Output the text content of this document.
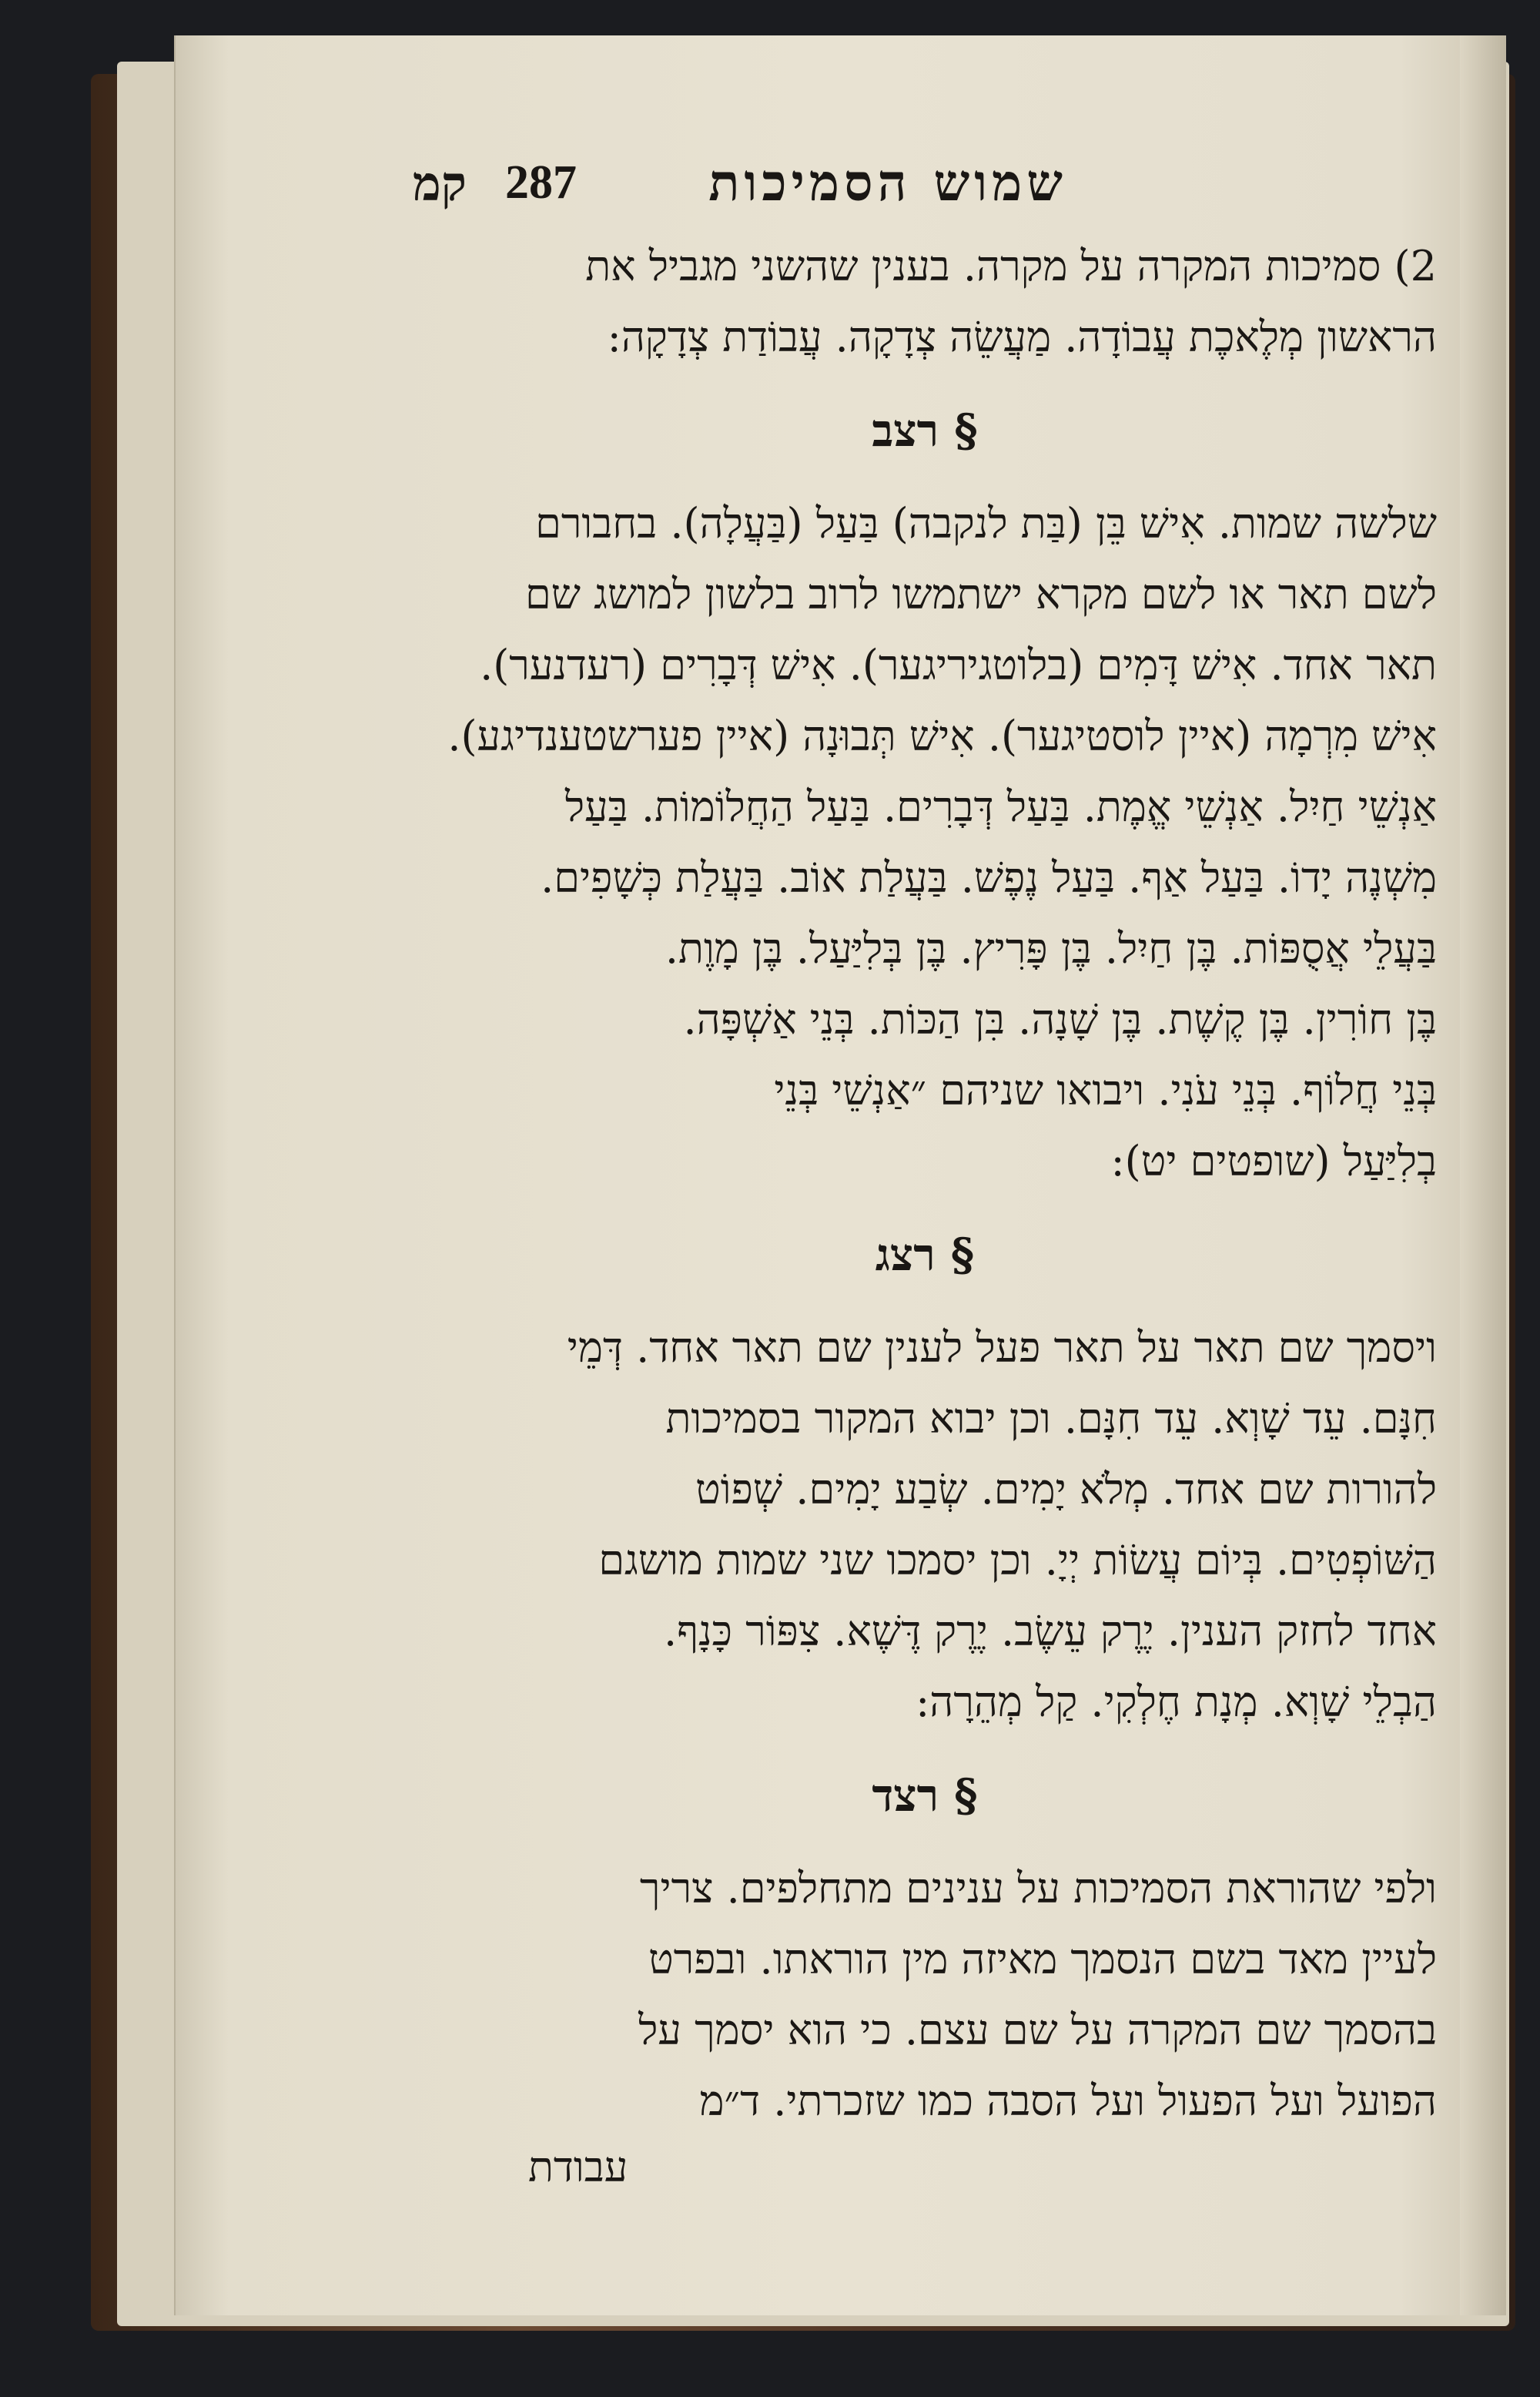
שמוש הסמיכות
287
קמ

2) סמיכות המקרה על מקרה. בענין שהשני מגביל את

הראשון מְלֶאכֶת עֲבוֹדָה. מַעֲשֵׂה צְדָקָה. עֲבוֹדַת צְדָקָה:

§ רצב

שלשה שמות. אִישׁ בֵּן (בַּת לנקבה) בַּעַל (בַּעֲלָה). בחבורם

לשם תאר או לשם מקרא ישתמשו לרוב בלשון למושג שם

תאר אחד. אִישׁ דָּמִים (בלוטגיריגער). אִישׁ דְּבָרִים (רעדנער).

אִישׁ מִרְמָה (איין לוסטיגער). אִישׁ תְּבוּנָה (איין פערשטענדיגע).

אַנְשֵׁי חַיִל. אַנְשֵׁי אֱמֶת. בַּעַל דְּבָרִים. בַּעַל הַחֲלוֹמוֹת. בַּעַל

מִשְׁנֶה יָדוֹ. בַּעַל אַף. בַּעַל נֶפֶשׁ. בַּעֲלַת אוֹב. בַּעֲלַת כְּשָׁפִים.

בַּעֲלֵי אֲסֻפּוֹת. בֶּן חַיִל. בֶּן פָּרִיץ. בֶּן בְּלִיַּעַל. בֶּן מָוֶת.

בֶּן חוֹרִין. בֶּן קֶשֶׁת. בֶּן שָׁנָה. בִּן הַכּוֹת. בְּנֵי אַשְׁפָּה.

בְּנֵי חֲלוֹף. בְּנֵי עֹנִי. ויבואו שניהם ״אַנְשֵׁי בְּנֵי

בְלִיַּעַל (שופטים יט):

§ רצג

ויסמך שם תאר על תאר פעל לענין שם תאר אחד. דְּמֵי

חִנָּם. עֵד שָׁוְא. עֵד חִנָּם. וכן יבוא המקור בסמיכות

להורות שם אחד. מְלֹא יָמִים. שְׂבַע יָמִים. שְׁפוֹט

הַשּׁוֹפְטִים. בְּיוֹם עֲשׂוֹת יְיָ. וכן יסמכו שני שמות מושגם

אחד לחזק הענין. יֶרֶק עֵשֶׂב. יֶרֶק דֶּשֶׁא. צִפּוֹר כָּנָף.

הַבְלֵי שָׁוְא. מְנָת חֶלְקִי. קַל מְהֵרָה:

§ רצד

ולפי שהוראת הסמיכות על ענינים מתחלפים. צריך

לעיין מאד בשם הנסמך מאיזה מין הוראתו. ובפרט

בהסמך שם המקרה על שם עצם. כי הוא יסמך על

הפועל ועל הפעול ועל הסבה כמו שזכרתי. ד״מ

עבודת
